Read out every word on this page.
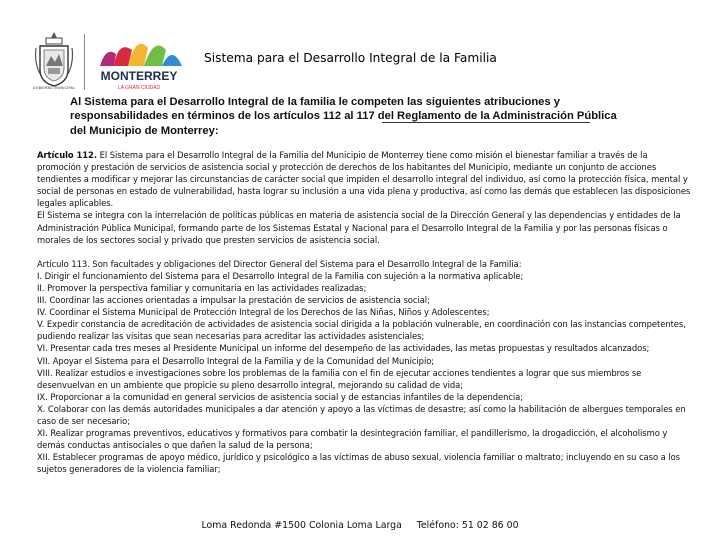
GOBIERNO MUNICIPAL
MONTERREY
LA GRAN CIUDAD
Sistema para el Desarrollo Integral de la Familia
Al Sistema para el Desarrollo Integral de la familia le competen las siguientes atribuciones y responsabilidades en términos de los artículos 112 al 117 del Reglamento de la Administración Pública del Municipio de Monterrey:

Artículo 112. El Sistema para el Desarrollo Integral de la Familia del Municipio de Monterrey tiene como misión el bienestar familiar a través de la promoción y prestación de servicios de asistencia social y protección de derechos de los habitantes del Municipio, mediante un conjunto de acciones tendientes a modificar y mejorar las circunstancias de carácter social que impiden el desarrollo integral del individuo, así como la protección física, mental y social de personas en estado de vulnerabilidad, hasta lograr su inclusión a una vida plena y productiva, así como las demás que establecen las disposiciones legales aplicables.

El Sistema se integra con la interrelación de políticas públicas en materia de asistencia social de la Dirección General y las dependencias y entidades de la Administración Pública Municipal, formando parte de los Sistemas Estatal y Nacional para el Desarrollo Integral de la Familia y por las personas físicas o morales de los sectores social y privado que presten servicios de asistencia social.

Artículo 113. Son facultades y obligaciones del Director General del Sistema para el Desarrollo Integral de la Familia:

I. Dirigir el funcionamiento del Sistema para el Desarrollo Integral de la Familia con sujeción a la normativa aplicable;

II. Promover la perspectiva familiar y comunitaria en las actividades realizadas;

III. Coordinar las acciones orientadas a impulsar la prestación de servicios de asistencia social;

IV. Coordinar el Sistema Municipal de Protección Integral de los Derechos de las Niñas, Niños y Adolescentes;

V. Expedir constancia de acreditación de actividades de asistencia social dirigida a la población vulnerable, en coordinación con las instancias competentes, pudiendo realizar las visitas que sean necesarias para acreditar las actividades asistenciales;

VI. Presentar cada tres meses al Presidente Municipal un informe del desempeño de las actividades, las metas propuestas y resultados alcanzados;

VII. Apoyar el Sistema para el Desarrollo Integral de la Familia y de la Comunidad del Municipio;

VIII. Realizar estudios e investigaciones sobre los problemas de la familia con el fin de ejecutar acciones tendientes a lograr que sus miembros se desenvuelvan en un ambiente que propicie su pleno desarrollo integral, mejorando su calidad de vida;

IX. Proporcionar a la comunidad en general servicios de asistencia social y de estancias infantiles de la dependencia;

X. Colaborar con las demás autoridades municipales a dar atención y apoyo a las víctimas de desastre; así como la habilitación de albergues temporales en caso de ser necesario;

XI. Realizar programas preventivos, educativos y formativos para combatir la desintegración familiar, el pandillerismo, la drogadicción, el alcoholismo y demás conductas antisociales o que dañen la salud de la persona;

XII. Establecer programas de apoyo médico, jurídico y psicológico a las víctimas de abuso sexual, violencia familiar o maltrato; incluyendo en su caso a los sujetos generadores de la violencia familiar;

Loma Redonda #1500 Colonia Loma Larga     Teléfono: 51 02 86 00
